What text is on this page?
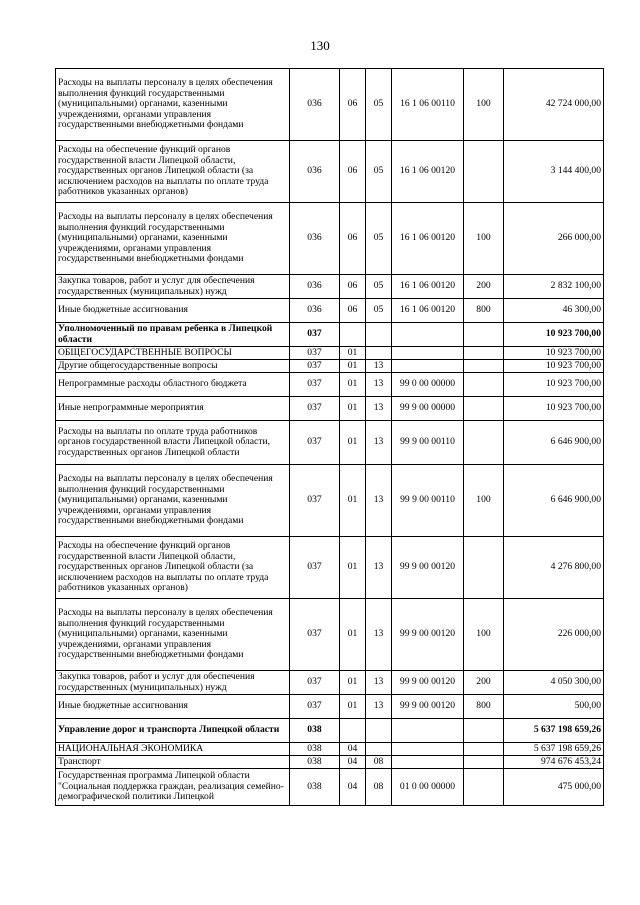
130
Расходы на выплаты персоналу в целях обеспечения выполнения функций государственными (муниципальными) органами, казенными учреждениями, органами управления государственными внебюджетными фондами	036	06	05	16 1 06 00110	100	42 724 000,00
Расходы на обеспечение функций органов государственной власти Липецкой области, государственных органов Липецкой области (за исключением расходов на выплаты по оплате труда работников указанных органов)	036	06	05	16 1 06 00120		3 144 400,00
Расходы на выплаты персоналу в целях обеспечения выполнения функций государственными (муниципальными) органами, казенными учреждениями, органами управления государственными внебюджетными фондами	036	06	05	16 1 06 00120	100	266 000,00
Закупка товаров, работ и услуг для обеспечения государственных (муниципальных) нужд	036	06	05	16 1 06 00120	200	2 832 100,00
Иные бюджетные ассигнования	036	06	05	16 1 06 00120	800	46 300,00
Уполномоченный по правам ребенка в Липецкой области	037					10 923 700,00
ОБЩЕГОСУДАРСТВЕННЫЕ ВОПРОСЫ	037	01				10 923 700,00
Другие общегосударственные вопросы	037	01	13			10 923 700,00
Непрограммные расходы областного бюджета	037	01	13	99 0 00 00000		10 923 700,00
Иные непрограммные мероприятия	037	01	13	99 9 00 00000		10 923 700,00
Расходы на выплаты по оплате труда работников органов государственной власти Липецкой области, государственных органов Липецкой области	037	01	13	99 9 00 00110		6 646 900,00
Расходы на выплаты персоналу в целях обеспечения выполнения функций государственными (муниципальными) органами, казенными учреждениями, органами управления государственными внебюджетными фондами	037	01	13	99 9 00 00110	100	6 646 900,00
Расходы на обеспечение функций органов государственной власти Липецкой области, государственных органов Липецкой области (за исключением расходов на выплаты по оплате труда работников указанных органов)	037	01	13	99 9 00 00120		4 276 800,00
Расходы на выплаты персоналу в целях обеспечения выполнения функций государственными (муниципальными) органами, казенными учреждениями, органами управления государственными внебюджетными фондами	037	01	13	99 9 00 00120	100	226 000,00
Закупка товаров, работ и услуг для обеспечения государственных (муниципальных) нужд	037	01	13	99 9 00 00120	200	4 050 300,00
Иные бюджетные ассигнования	037	01	13	99 9 00 00120	800	500,00
Управление дорог и транспорта Липецкой области	038					5 637 198 659,26
НАЦИОНАЛЬНАЯ ЭКОНОМИКА	038	04				5 637 198 659,26
Транспорт	038	04	08			974 676 453,24
Государственная программа Липецкой области "Социальная поддержка граждан, реализация семейно-демографической политики Липецкой	038	04	08	01 0 00 00000		475 000,00
